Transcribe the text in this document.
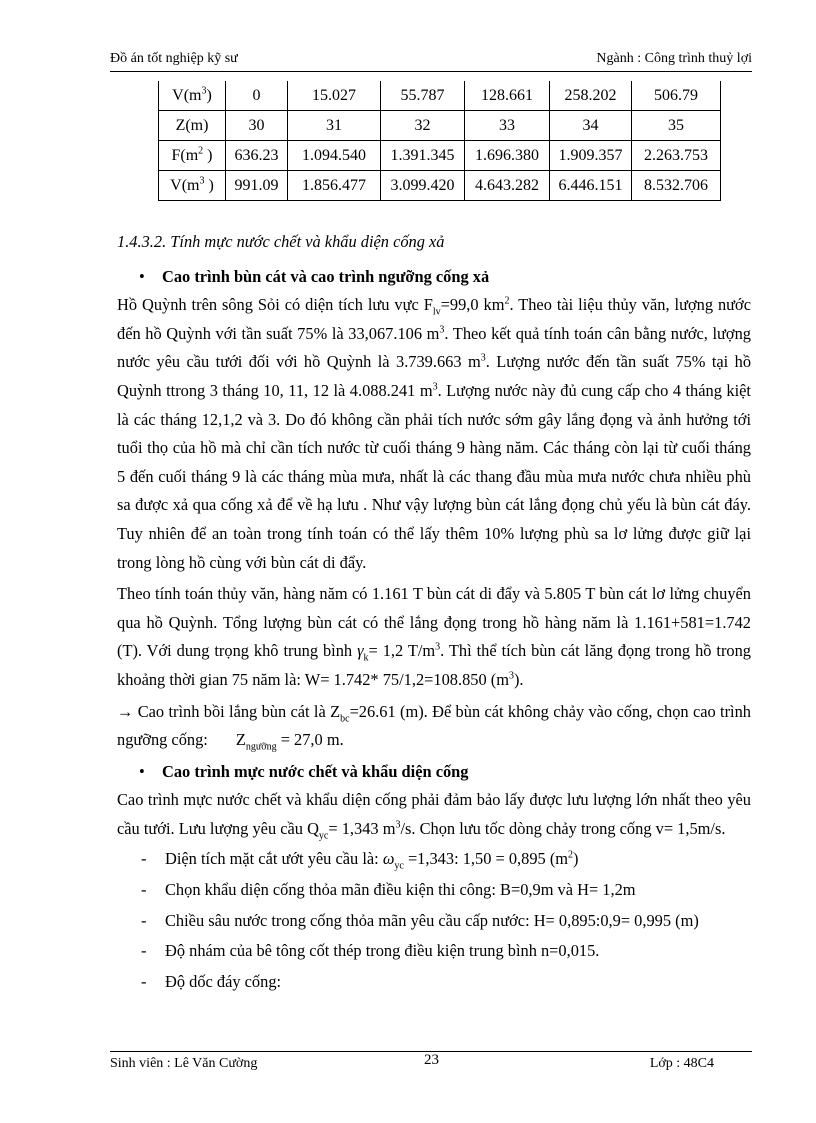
Đồ án tốt nghiệp kỹ sư	Ngành : Công trình thuỷ lợi
$V(m^3)$	0	15.027	55.787	128.661	258.202	506.79
Z(m)	30	31	32	33	34	35
$F(m^2$ )	636.23	1.094.540	1.391.345	1.696.380	1.909.357	2.263.753
$V(m^3$ )	991.09	1.856.477	3.099.420	4.643.282	6.446.151	8.532.706

1.4.3.2. Tính mực nước chết và khẩu diện cống xả

• Cao trình bùn cát và cao trình ngưỡng cống xả

Hồ Quỳnh trên sông Sỏi có diện tích lưu vực $F_{lv}=99,0$ $km^2$. Theo tài liệu thủy văn, lượng nước đến hồ Quỳnh với tần suất 75% là 33,067.106 $m^3$. Theo kết quả tính toán cân bằng nước, lượng nước yêu cầu tưới đối với hồ Quỳnh là 3.739.663 $m^3$. Lượng nước đến tần suất 75% tại hồ Quỳnh ttrong 3 tháng 10, 11, 12 là 4.088.241 $m^3$. Lượng nước này đủ cung cấp cho 4 tháng kiệt là các tháng 12,1,2 và 3. Do đó không cần phải tích nước sớm gây lắng đọng và ảnh hưởng tới tuổi thọ của hồ mà chỉ cần tích nước từ cuối tháng 9 hàng năm. Các tháng còn lại từ cuối tháng 5 đến cuối tháng 9 là các tháng mùa mưa, nhất là các thang đầu mùa mưa nước chưa nhiều phù sa được xả qua cống xả để về hạ lưu . Như vậy lượng bùn cát lắng đọng chủ yếu là bùn cát đáy. Tuy nhiên để an toàn trong tính toán có thể lấy thêm 10% lượng phù sa lơ lửng được giữ lại trong lòng hồ cùng với bùn cát di đẩy.

Theo tính toán thủy văn, hàng năm có 1.161 T bùn cát di đẩy và 5.805 T bùn cát lơ lửng chuyển qua hồ Quỳnh. Tổng lượng bùn cát có thể lắng đọng trong hồ hàng năm là 1.161+581=1.742 (T). Với dung trọng khô trung bình $\gamma_k= 1,2$ $T/m^3$. Thì thể tích bùn cát lăng đọng trong hồ trong khoảng thời gian 75 năm là: W= 1.742* 75/1,2=108.850 $(m^3)$.

→ Cao trình bồi lắng bùn cát là $Z_{bc}=26.61$ (m). Để bùn cát không chảy vào cống, chọn cao trình ngưỡng cống: $Z_{ngưỡng} = 27,0$ m.

• Cao trình mực nước chết và khẩu diện cống

Cao trình mực nước chết và khẩu diện cống phải đảm bảo lấy được lưu lượng lớn nhất theo yêu cầu tưới. Lưu lượng yêu cầu $Q_{yc}= 1,343$ $m^3/s$. Chọn lưu tốc dòng chảy trong cống v= 1,5m/s.

- Diện tích mặt cắt ướt yêu cầu là: $\omega_{yc} =1,343$: 1,50 = 0,895 $(m^2)$

- Chọn khẩu diện cống thỏa mãn điều kiện thi công: B=0,9m và H= 1,2m

- Chiều sâu nước trong cống thỏa mãn yêu cầu cấp nước: H= 0,895:0,9= 0,995 (m)

- Độ nhám của bê tông cốt thép trong điều kiện trung bình n=0,015.

- Độ dốc đáy cống:

Sinh viên : Lê Văn Cường	23	Lớp : 48C4
